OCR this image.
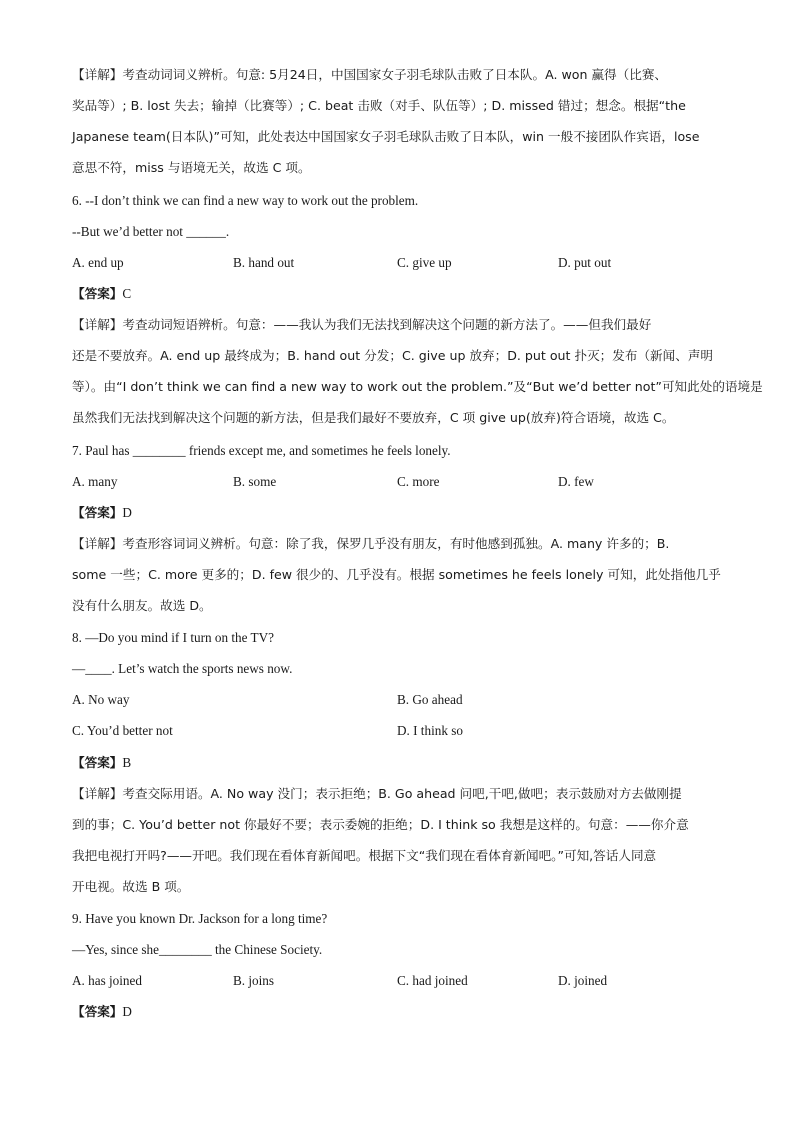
【详解】考查动词词义辨析。句意: 5月24日，中国国家女子羽毛球队击败了日本队。A. won 赢得（比赛、
奖品等）; B. lost 失去；输掉（比赛等）; C. beat 击败（对手、队伍等）; D. missed 错过；想念。根据“the
Japanese team(日本队)”可知，此处表达中国国家女子羽毛球队击败了日本队，win 一般不接团队作宾语，lose
意思不符，miss 与语境无关，故选 C 项。
6. --I don’t think we can find a new way to work out the problem.
--But we’d better not ______.
A. end up	B. hand out	C. give up	D. put out
【答案】C
【详解】考查动词短语辨析。句意：——我认为我们无法找到解决这个问题的新方法了。——但我们最好
还是不要放弃。A. end up 最终成为；B. hand out 分发；C. give up 放弃；D. put out 扑灭；发布（新闻、声明
等）。由“I don’t think we can find a new way to work out the problem.”及“But we’d better not”可知此处的语境是
虽然我们无法找到解决这个问题的新方法，但是我们最好不要放弃，C 项 give up(放弃)符合语境，故选 C。
7. Paul has ________ friends except me, and sometimes he feels lonely.
A. many	B. some	C. more	D. few
【答案】D
【详解】考查形容词词义辨析。句意：除了我，保罗几乎没有朋友，有时他感到孤独。A. many 许多的；B.
some 一些；C. more 更多的；D. few 很少的、几乎没有。根据 sometimes he feels lonely 可知，此处指他几乎
没有什么朋友。故选 D。
8. —Do you mind if I turn on the TV?
—____. Let’s watch the sports news now.
A. No way	B. Go ahead
C. You’d better not	D. I think so
【答案】B
【详解】考查交际用语。A. No way 没门；表示拒绝；B. Go ahead 问吧,干吧,做吧；表示鼓励对方去做刚提
到的事；C. You’d better not 你最好不要；表示委婉的拒绝；D. I think so 我想是这样的。句意：——你介意
我把电视打开吗?——开吧。我们现在看体育新闻吧。根据下文“我们现在看体育新闻吧。”可知,答话人同意
开电视。故选 B 项。
9. Have you known Dr. Jackson for a long time?
—Yes, since she________ the Chinese Society.
A. has joined	B. joins	C. had joined	D. joined
【答案】D
